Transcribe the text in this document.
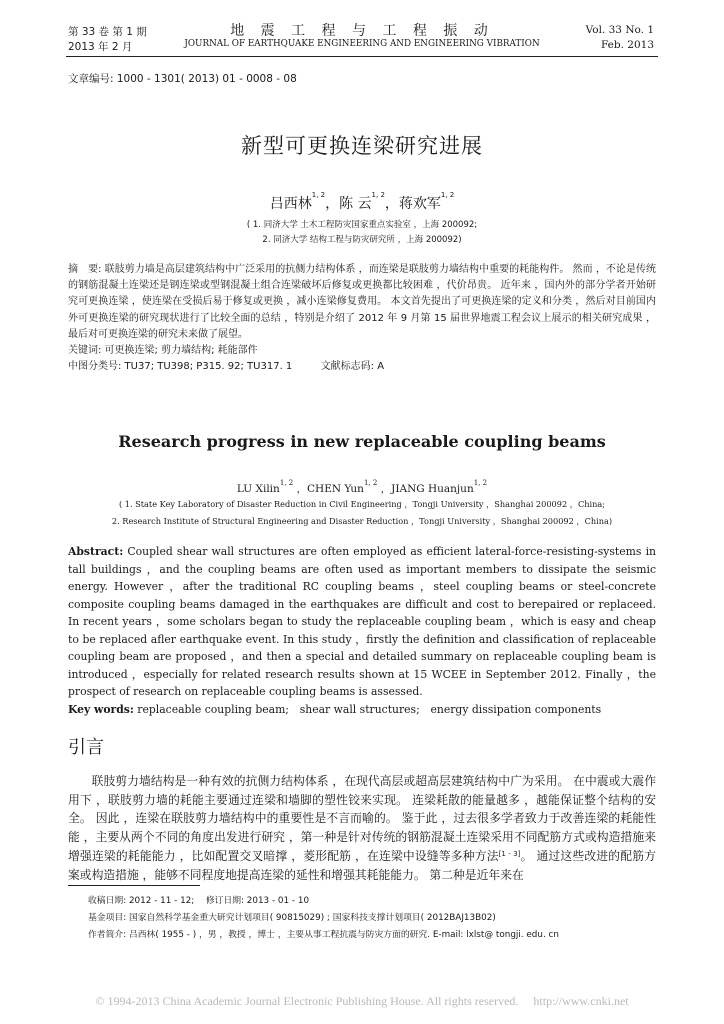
第 33 卷 第 1 期
2013 年 2 月
地 震 工 程 与 工 程 振 动
JOURNAL OF EARTHQUAKE ENGINEERING AND ENGINEERING VIBRATION
Vol. 33 No. 1
Feb. 2013
文章编号: 1000 - 1301( 2013) 01 - 0008 - 08
新型可更换连梁研究进展
吕西林$^{1, 2}$，陈 云$^{1, 2}$，蒋欢军$^{1, 2}$
( 1. 同济大学 土木工程防灾国家重点实验室 ，上海 200092;
2. 同济大学 结构工程与防灾研究所 ，上海 200092)

摘　要: 联肢剪力墙是高层建筑结构中广泛采用的抗侧力结构体系 ，而连梁是联肢剪力墙结构中重要的耗能构件。 然而 ，不论是传统的钢筋混凝土连梁还是钢连梁或型钢混凝土组合连梁破坏后修复或更换都比较困难 ，代价昂贵。 近年来 ，国内外的部分学者开始研究可更换连梁 ，使连梁在受损后易于修复或更换 ，减小连梁修复费用。 本文首先提出了可更换连梁的定义和分类 ，然后对目前国内外可更换连梁的研究现状进行了比较全面的总结 ，特别是介绍了 2012 年 9 月第 15 届世界地震工程会议上展示的相关研究成果 ，最后对可更换连梁的研究未来做了展望。

关键词: 可更换连梁; 剪力墙结构; 耗能部件

中图分类号: TU37; TU398; P315. 92; TU317. 1	文献标志码: A

Research progress in new replaceable coupling beams
LU Xilin$^{1, 2}$ ，CHEN Yun$^{1, 2}$ ，JIANG Huanjun$^{1, 2}$
( 1. State Key Laboratory of Disaster Reduction in Civil Engineering ，Tongji University ，Shanghai 200092 ，China;
2. Research Institute of Structural Engineering and Disaster Reduction ，Tongji University ，Shanghai 200092 ，China)

Abstract: Coupled shear wall structures are often employed as efficient lateral-force-resisting-systems in tall buildings ，and the coupling beams are often used as important members to dissipate the seismic energy. However ，after the traditional RC coupling beams ，steel coupling beams or steel-concrete composite coupling beams damaged in the earthquakes are difficult and cost to berepaired or replaceed. In recent years ，some scholars began to study the replaceable coupling beam ，which is easy and cheap to be replaced afler earthquake event. In this study ，firstly the definition and classification of replaceable coupling beam are proposed ，and then a special and detailed summary on replaceable coupling beam is introduced ，especially for related research results shown at 15 WCEE in September 2012. Finally ，the prospect of research on replaceable coupling beams is assessed.

Key words: replaceable coupling beam;　shear wall structures;　energy dissipation components

引言

联肢剪力墙结构是一种有效的抗侧力结构体系 ，在现代高层或超高层建筑结构中广为采用。 在中震或大震作用下 ，联肢剪力墙的耗能主要通过连梁和墙脚的塑性铰来实现。 连梁耗散的能量越多 ，越能保证整个结构的安全。 因此 ，连梁在联肢剪力墙结构中的重要性是不言而喻的。 鉴于此 ，过去很多学者致力于改善连梁的耗能性能 ，主要从两个不同的角度出发进行研究 ，第一种是针对传统的钢筋混凝土连梁采用不同配筋方式或构造措施来增强连梁的耗能能力 ，比如配置交叉暗撑 ，菱形配筋 ，在连梁中设缝等多种方法[1 - 3]。 通过这些改进的配筋方案或构造措施 ，能够不同程度地提高连梁的延性和增强其耗能能力。 第二种是近年来在

收稿日期: 2012 - 11 - 12;　 修订日期: 2013 - 01 - 10
基金项目: 国家自然科学基金重大研究计划项目( 90815029) ; 国家科技支撑计划项目( 2012BAJ13B02)
作者简介: 吕西林( 1955 - ) ，男 ，教授 ，博士 ，主要从事工程抗震与防灾方面的研究. E-mail: lxlst@ tongji. edu. cn
© 1994-2013 China Academic Journal Electronic Publishing House. All rights reserved.　 http://www.cnki.net
